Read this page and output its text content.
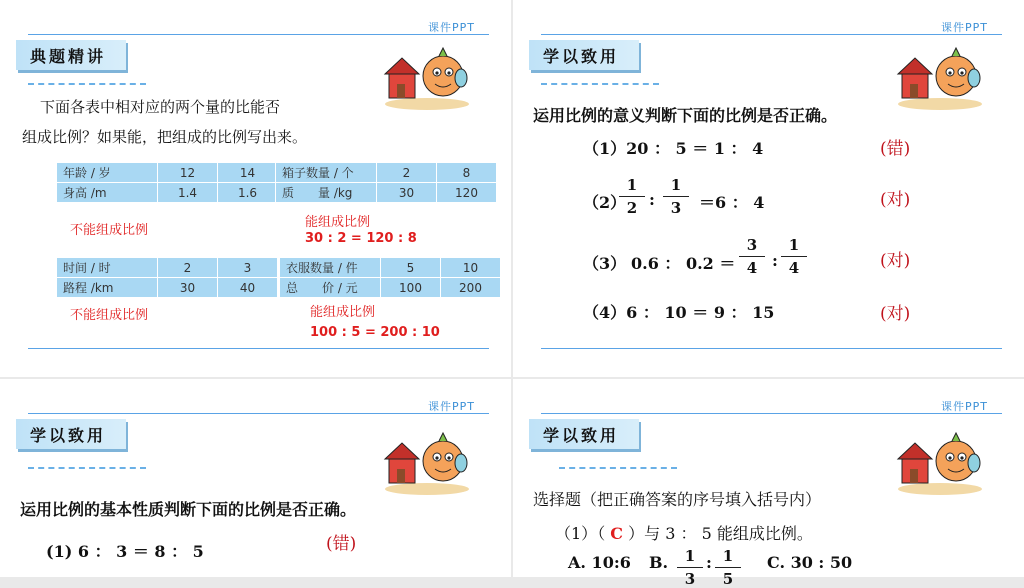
课件PPT
典题精讲
下面各表中相对应的两个量的比能否
组成比例？如果能，把组成的比例写出来。
年龄 / 岁	12	14
身高 /m	1.4	1.6
不能组成比例
箱子数量 / 个	2	8
质　　量 /kg	30	120
能组成比例
30 : 2 = 120 : 8
时间 / 时	2	3
路程 /km	30	40
不能组成比例
衣服数量 / 件	5	10
总　　价 / 元	100	200
能组成比例
100 : 5 = 200 : 10
课件PPT
学以致用
运用比例的意义判断下面的比例是否正确。
（1）20 ： 5 ＝ 1 ： 4	(错)
（2）
$\frac{1}{2}$ : $\frac{1}{3} =6$ ： 4	(对)
（3） 0.6 ： $0.2 = \frac{3}{4}$ : $\frac{1}{4}$	(对)
（4）6 ： 10 ＝ 9 ： 15	(对)
课件PPT
学以致用
运用比例的基本性质判断下面的比例是否正确。
(1) 6 ： 3 ＝ 8 ： 5	(错)
课件PPT
学以致用
选择题（把正确答案的序号填入括号内）
（1）（ C ）与 3 ： 5 能组成比例。
A. 10:6 B. $\frac{1}{3}$ : $\frac{1}{5} C$. 30 : 50
